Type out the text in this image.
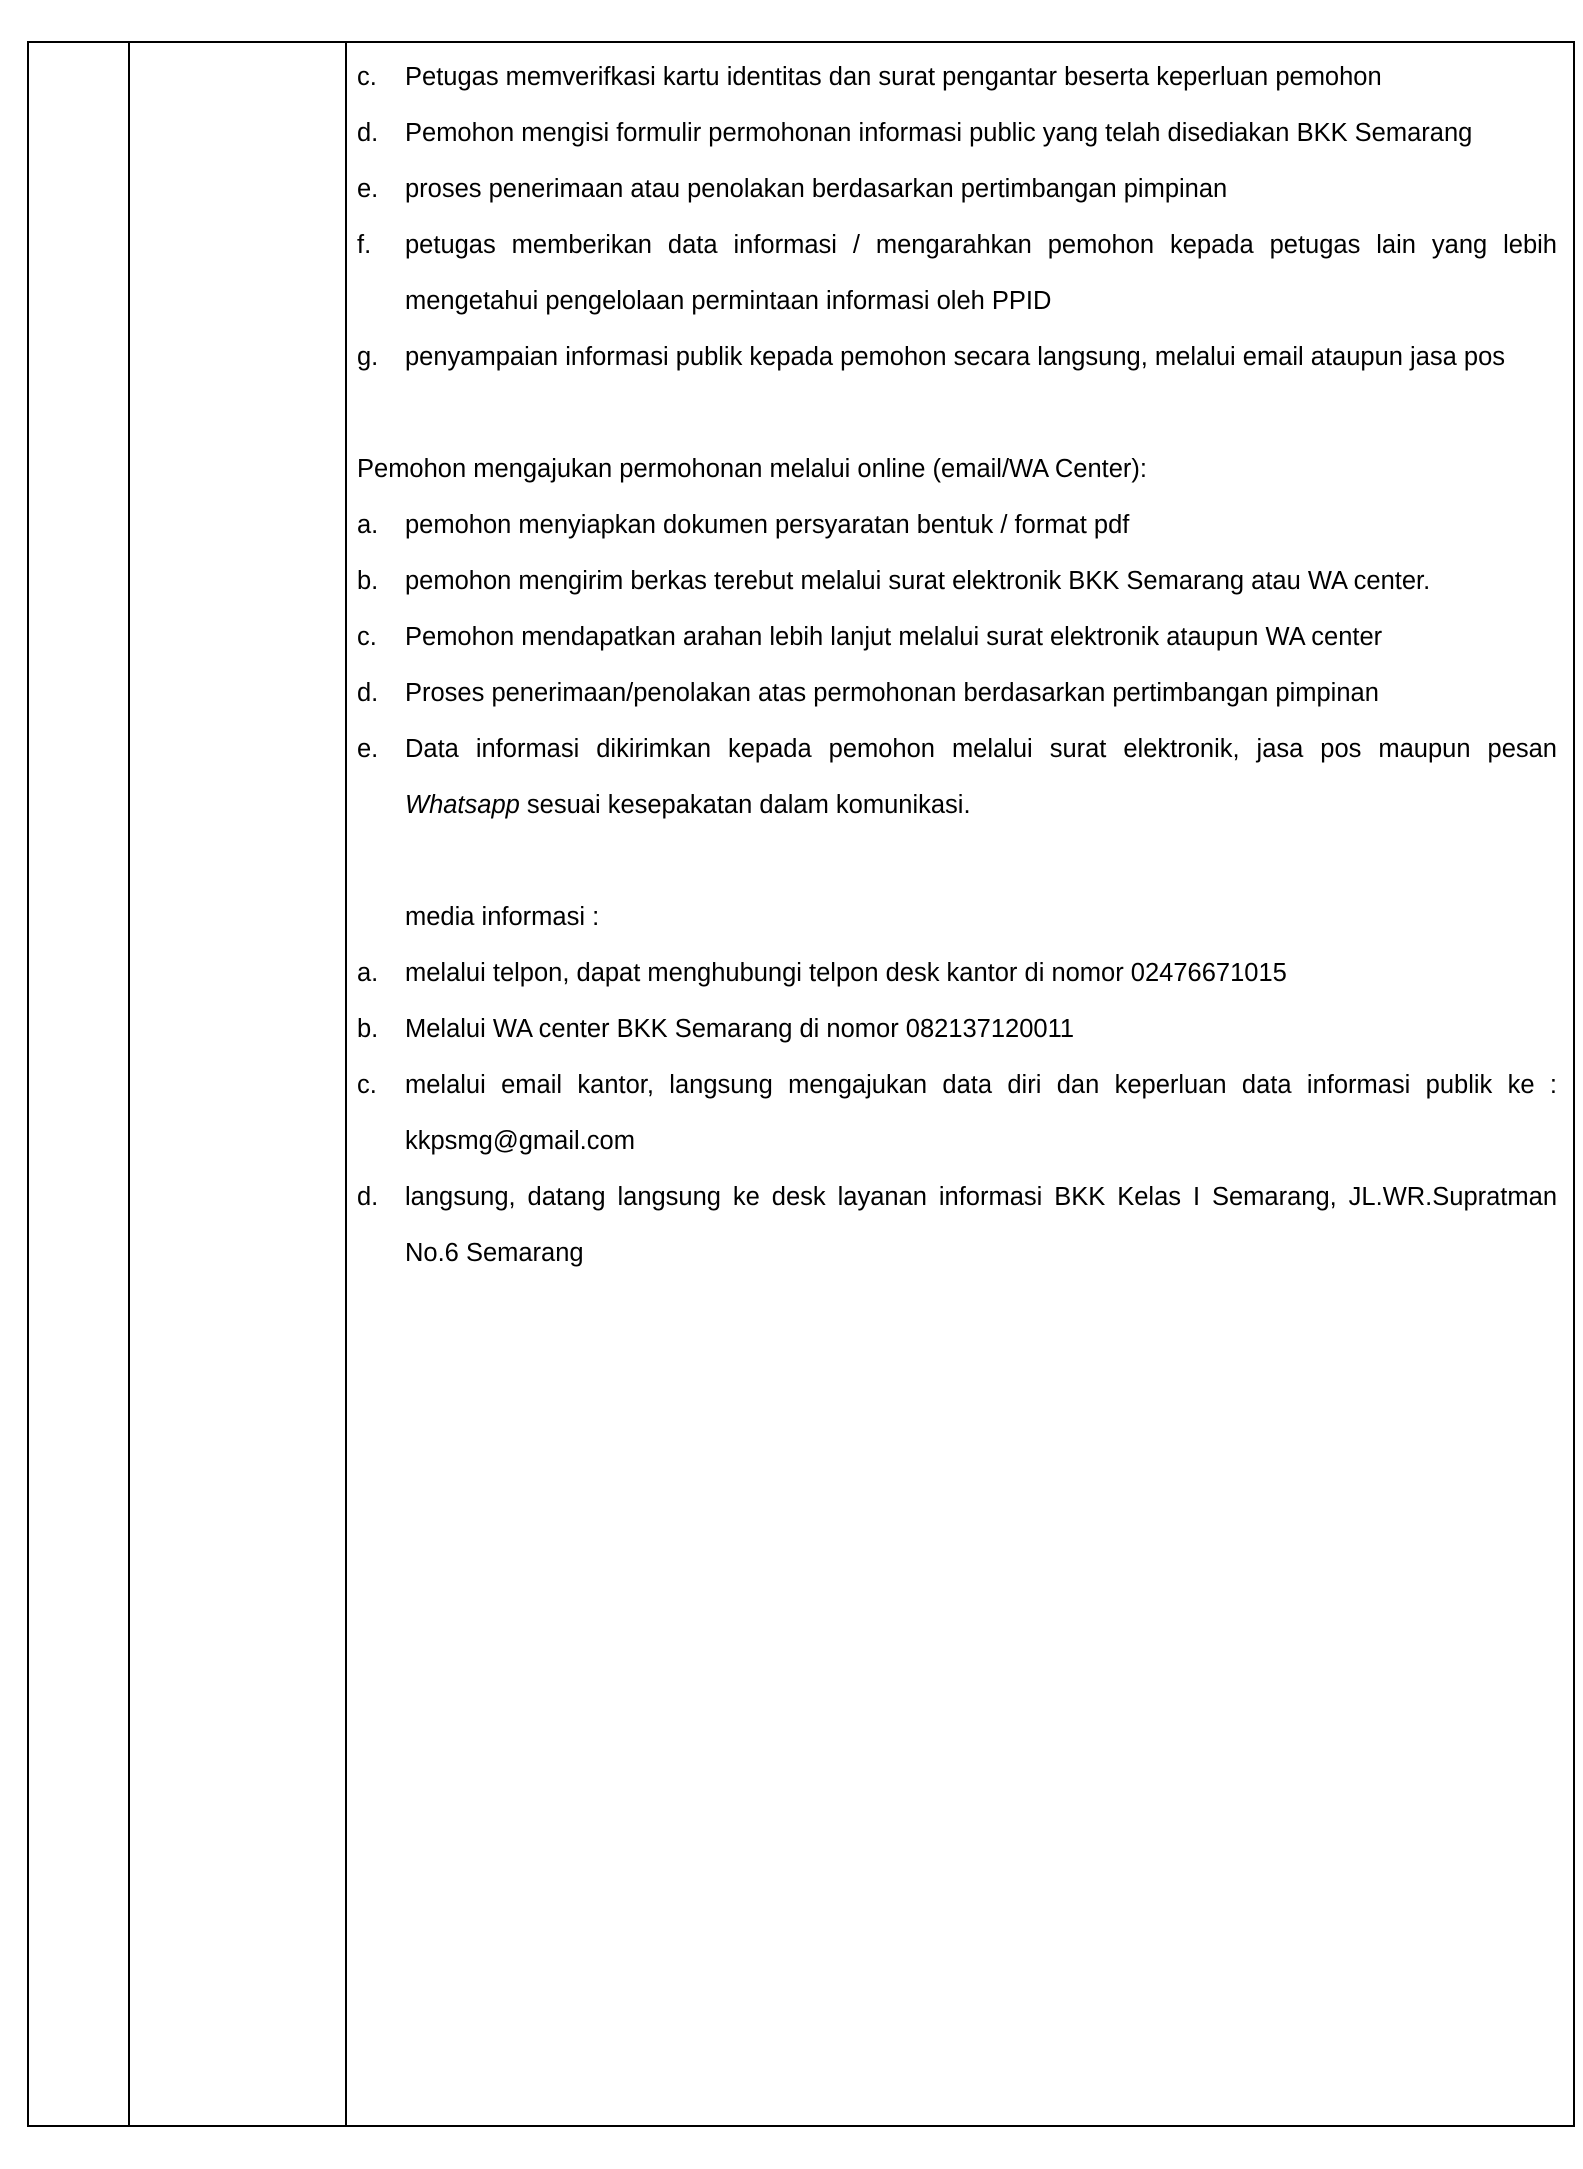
c.	Petugas memverifkasi kartu identitas dan surat pengantar beserta keperluan pemohon
d.	Pemohon mengisi formulir permohonan informasi public yang telah disediakan BKK Semarang
e.	proses penerimaan atau penolakan berdasarkan pertimbangan pimpinan
f.	petugas memberikan data informasi / mengarahkan pemohon kepada petugas lain yang lebih mengetahui pengelolaan permintaan informasi oleh PPID
g.	penyampaian informasi publik kepada pemohon secara langsung, melalui email ataupun jasa pos

Pemohon mengajukan permohonan melalui online (email/WA Center):

a.	pemohon menyiapkan dokumen persyaratan bentuk / format pdf
b.	pemohon mengirim berkas terebut melalui surat elektronik BKK Semarang atau WA center.
c.	Pemohon mendapatkan arahan lebih lanjut melalui surat elektronik ataupun WA center
d.	Proses penerimaan/penolakan atas permohonan berdasarkan pertimbangan pimpinan
e.	Data informasi dikirimkan kepada pemohon melalui surat elektronik, jasa pos maupun pesan Whatsapp sesuai kesepakatan dalam komunikasi.

media informasi :

a.	melalui telpon, dapat menghubungi telpon desk kantor di nomor 02476671015
b.	Melalui WA center BKK Semarang di nomor 082137120011
c.	melalui email kantor, langsung mengajukan data diri dan keperluan data informasi publik ke : kkpsmg@gmail.com
d.	langsung, datang langsung ke desk layanan informasi BKK Kelas I Semarang, JL.WR.Supratman No.6 Semarang
